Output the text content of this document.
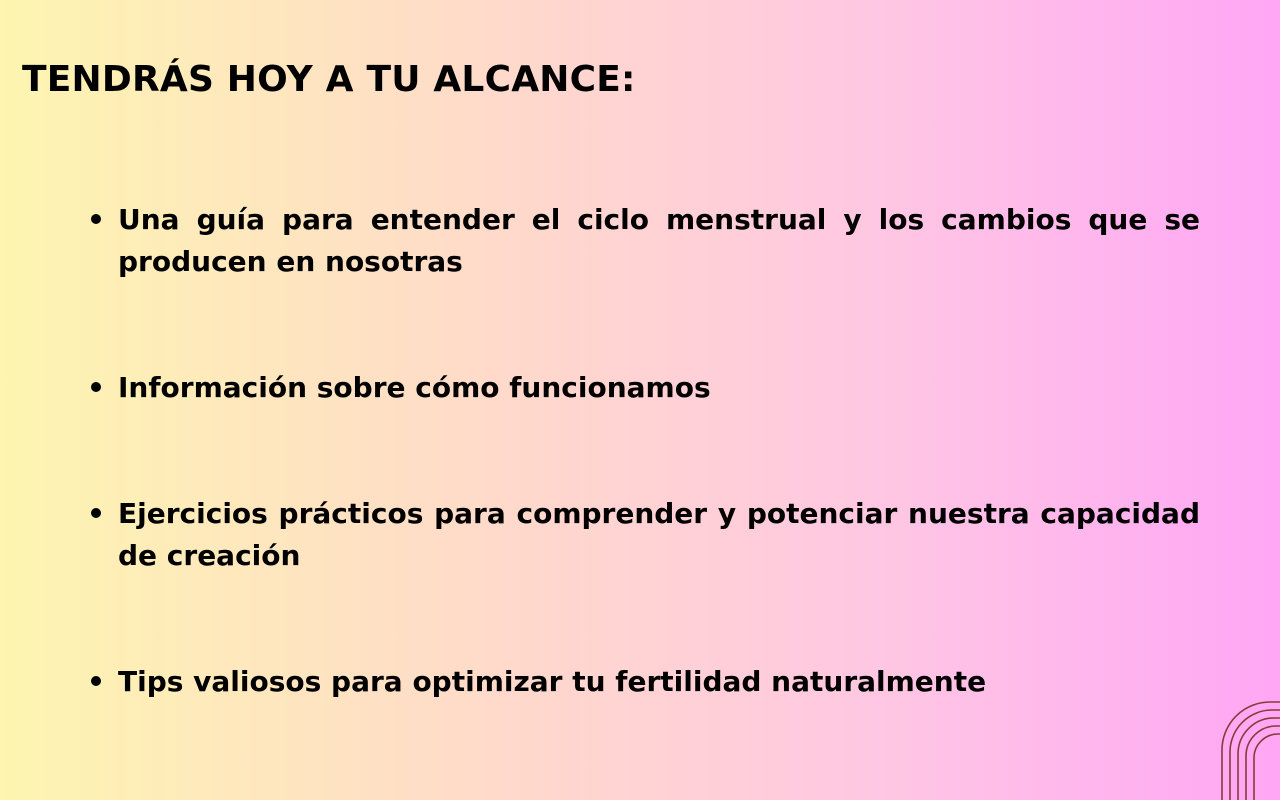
TENDRÁS HOY A TU ALCANCE:
Una guía para entender el ciclo menstrual y los cambios que se producen en nosotras
Información sobre cómo funcionamos
Ejercicios prácticos para comprender y potenciar nuestra capacidad de creación
Tips valiosos para optimizar tu fertilidad naturalmente
